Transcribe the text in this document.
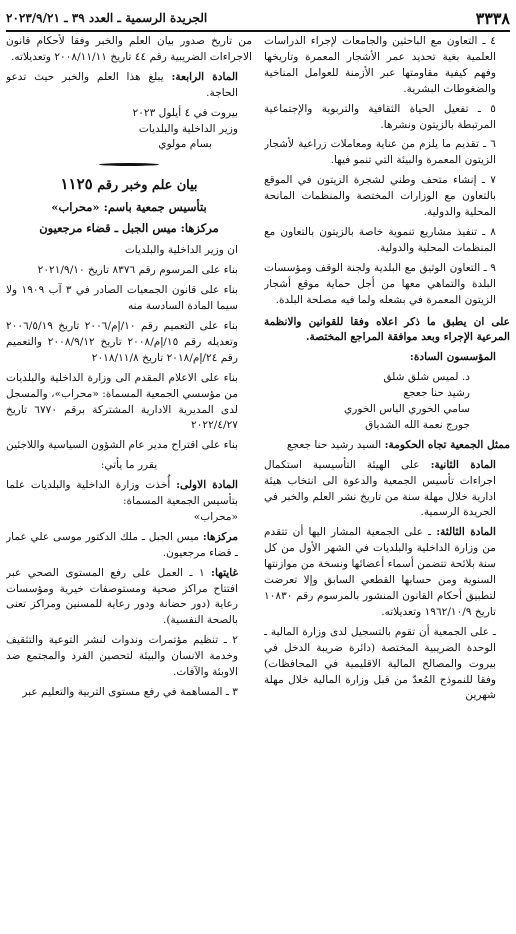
٣٣٣٨
الجريدة الرسمية ـ العدد ٣٩ ـ ٢٠٢٣/٩/٢١

٤ ـ التعاون مع الباحثين والجامعات لإجراء الدراسات العلمية بغية تحديد عمر الأشجار المعمرة وتاريخها وفهم كيفية مقاومتها عبر الأزمنة للعوامل المناخية والضغوطات البشرية.

٥ ـ تفعيل الحياة الثقافية والتربوية والإجتماعية المرتبطة بالزيتون ونشرها.

٦ ـ تقديم ما يلزم من عناية ومعاملات زراعية لأشجار الزيتون المعمرة والبيئة التي تنمو فيها.

٧ ـ إنشاء متحف وطني لشجرة الزيتون في الموقع بالتعاون مع الوزارات المختصة والمنظمات المانحة المحلية والدولية.

٨ ـ تنفيذ مشاريع تنموية خاصة بالزيتون بالتعاون مع المنظمات المحلية والدولية.

٩ ـ التعاون الوثيق مع البلدية ولجنة الوقف ومؤسسات البلدة والتماهي معها من أجل حماية موقع أشجار الزيتون المعمرة في بشعله ولما فيه مصلحة البلدة.

على ان يطبق ما ذكر اعلاه وفقا للقوانين والانظمة المرعية الإجراء وبعد موافقة المراجع المختصة.

المؤسسون السادة:

د. لميس شلق شلق

رشيد حنا جعجع

سامي الخوري الياس الخوري

جورج نعمة الله الشدياق

ممثل الجمعية تجاه الحكومة: السيد رشيد حنا جعجع

المادة الثانية: على الهيئة التأسيسية استكمال اجراءات تأسيس الجمعية والدعوة الى انتخاب هيئة ادارية خلال مهلة سنة من تاريخ نشر العلم والخبر في الجريدة الرسمية.

المادة الثالثة: ـ على الجمعية المشار اليها أن تتقدم من وزارة الداخلية والبلديات في الشهر الأول من كل سنة بلائحة تتضمن أسماء أعضائها ونسخة من موازنتها السنوية ومن حسابها القطعي السابق وإلا تعرضت لتطبيق أحكام القانون المنشور بالمرسوم رقم ١٠٨٣٠ تاريخ ١٩٦٢/١٠/٩ وتعديلاته.

ـ على الجمعية أن تقوم بالتسجيل لدى وزارة المالية ـ الوحدة الضريبية المختصة (دائرة ضريبة الدخل في بيروت والمصالح المالية الاقليمية في المحافظات) وفقا للنموذج المُعدّ من قبل وزارة المالية خلال مهلة شهرين

من تاريخ صدور بيان العلم والخبر وفقا لأحكام قانون الاجراءات الضريبية رقم ٤٤ تاريخ ٢٠٠٨/١١/١١ وتعديلاته.

المادة الرابعة: يبلغ هذا العلم والخبر حيث تدعو الحاجة.

بيروت في ٤ أيلول ٢٠٢٣

وزير الداخلية والبلديات

بسام مولوي

بيان علم وخبر رقم ١١٢٥

بتأسيس جمعية باسم: «محراب»

مركزها: ميس الجبل ـ قضاء مرجعيون

ان وزير الداخلية والبلديات

بناء على المرسوم رقم ٨٣٧٦ تاريخ ٢٠٢١/٩/١٠

بناء على قانون الجمعيات الصادر في ٣ آب ١٩٠٩ ولا سيما المادة السادسة منه

بناء على التعميم رقم ١٠/إم/٢٠٠٦ تاريخ ٢٠٠٦/٥/١٩ وتعديله رقم ١٥/إم/٢٠٠٨ تاريخ ٢٠٠٨/٩/١٢ والتعميم رقم ٢٤/إم/٢٠١٨ تاريخ ٢٠١٨/١١/٨

بناء على الاعلام المقدم الى وزارة الداخلية والبلديات من مؤسسي الجمعية المسماة: «محراب»، والمسجل لدى المديرية الادارية المشتركة برقم ٦٧٧٠ تاريخ ٢٠٢٢/٤/٢٧

بناء على اقتراح مدير عام الشؤون السياسية واللاجئين

يقرر ما يأتي:

المادة الاولى: أُخذت وزارة الداخلية والبلديات علما بتأسيس الجمعية المسماة:

«محراب»

مركزها: ميس الجبل ـ ملك الدكتور موسى علي عمار ـ قضاء مرجعيون.

غايتها: ١ ـ العمل على رفع المستوى الصحي عبر افتتاح مراكز صحية ومستوصفات خيرية ومؤسسات رعاية (دور حضانة ودور رعاية للمسنين ومراكز تعنى بالصحة النفسية).

٢ ـ تنظيم مؤتمرات وندوات لنشر التوعية والتثقيف وخدمة الانسان والبيئة لتحصين الفرد والمجتمع ضد الاوبئة والآفات.

٣ ـ المساهمة في رفع مستوى التربية والتعليم عبر
